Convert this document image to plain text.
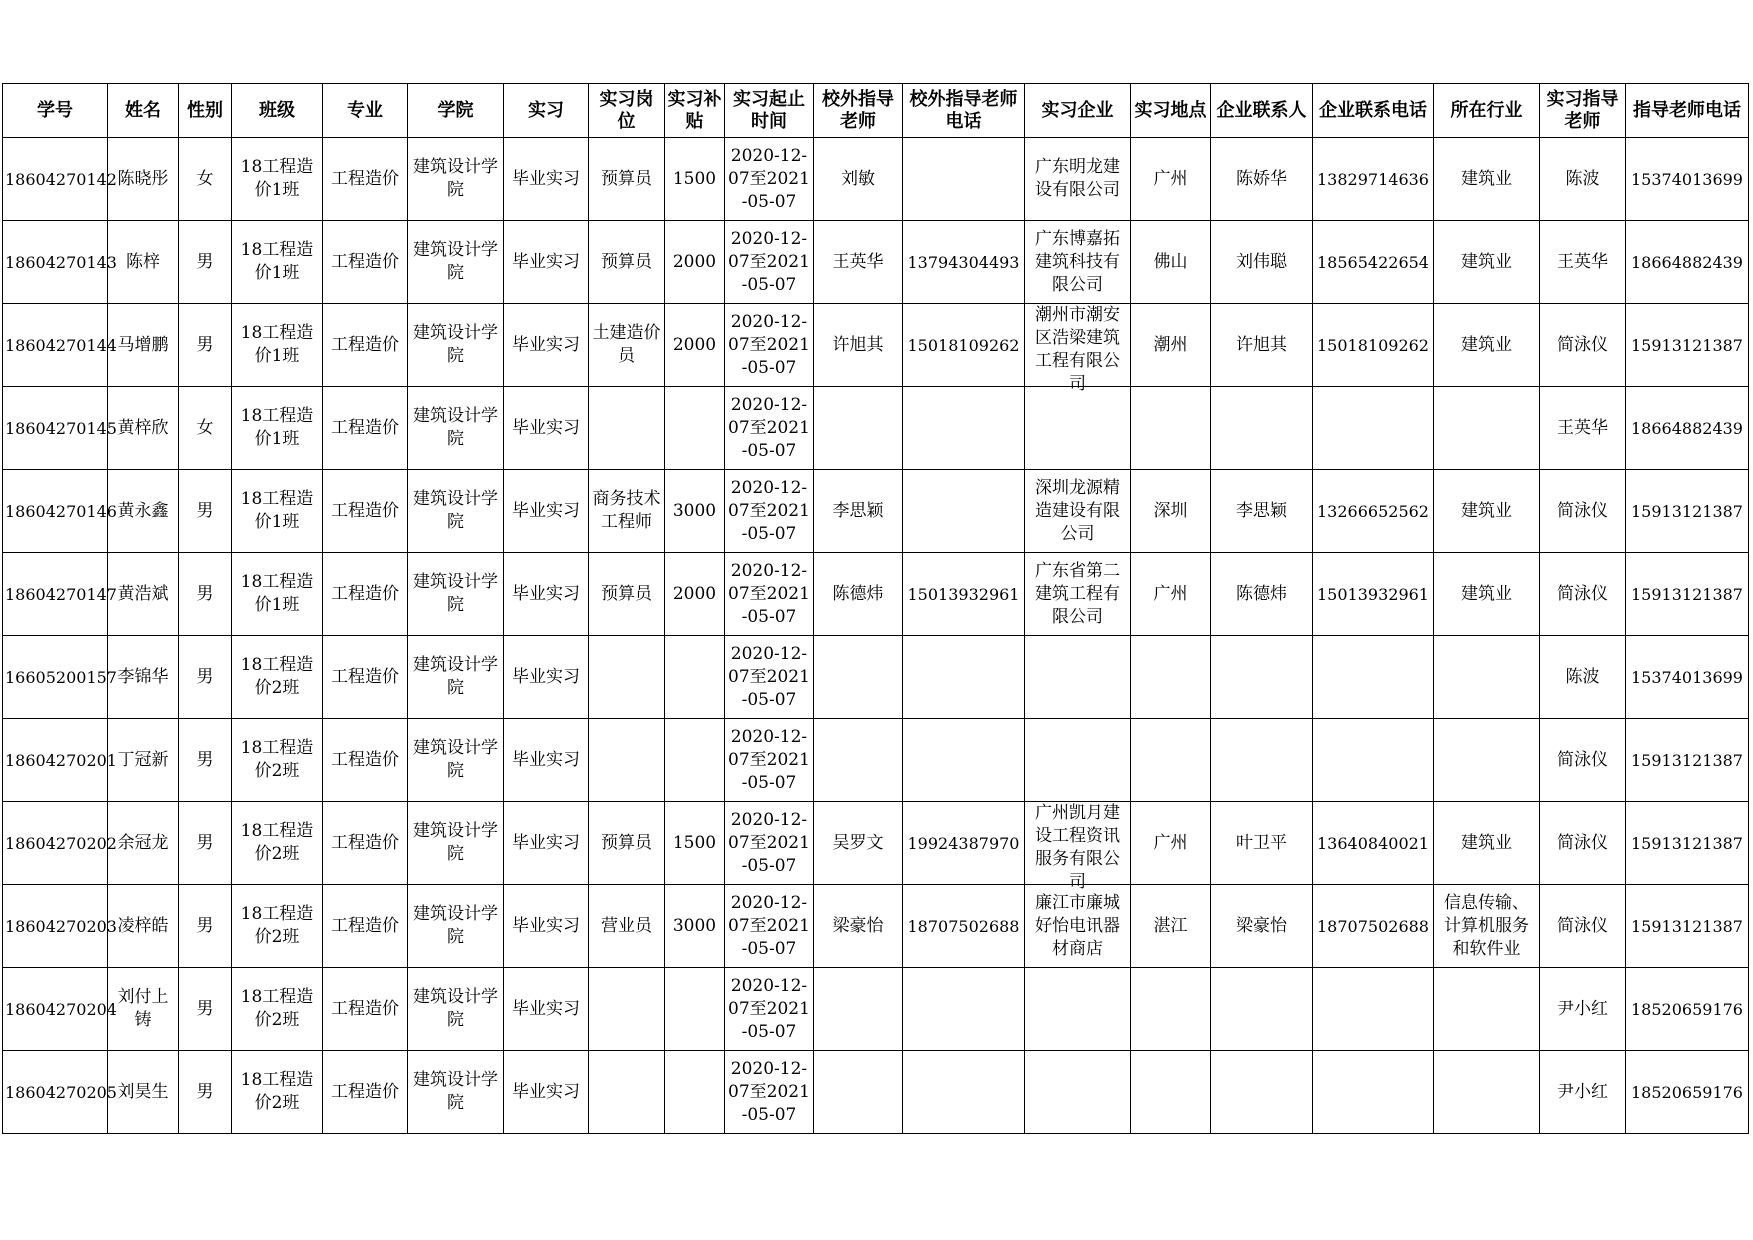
学号	姓名	性别	班级	专业	学院	实习	实习岗位	实习补贴	实习起止时间	校外指导老师	校外指导老师电话	实习企业	实习地点	企业联系人	企业联系电话	所在行业	实习指导老师	指导老师电话

18604270142	陈晓彤	女	18工程造价1班	工程造价	建筑设计学院	毕业实习	预算员	1500	2020-12-07至2021-05-07	刘敏		广东明龙建设有限公司	广州	陈娇华	13829714636	建筑业	陈波	15374013699

18604270143	陈梓	男	18工程造价1班	工程造价	建筑设计学院	毕业实习	预算员	2000	2020-12-07至2021-05-07	王英华	13794304493	广东博嘉拓建筑科技有限公司	佛山	刘伟聪	18565422654	建筑业	王英华	18664882439

18604270144	马增鹏	男	18工程造价1班	工程造价	建筑设计学院	毕业实习	土建造价员	2000	2020-12-07至2021-05-07	许旭其	15018109262	潮州市潮安区浩梁建筑工程有限公司	潮州	许旭其	15018109262	建筑业	简泳仪	15913121387

18604270145	黄梓欣	女	18工程造价1班	工程造价	建筑设计学院	毕业实习			2020-12-07至2021-05-07								王英华	18664882439

18604270146	黄永鑫	男	18工程造价1班	工程造价	建筑设计学院	毕业实习	商务技术工程师	3000	2020-12-07至2021-05-07	李思颖		深圳龙源精造建设有限公司	深圳	李思颖	13266652562	建筑业	简泳仪	15913121387

18604270147	黄浩斌	男	18工程造价1班	工程造价	建筑设计学院	毕业实习	预算员	2000	2020-12-07至2021-05-07	陈德炜	15013932961	广东省第二建筑工程有限公司	广州	陈德炜	15013932961	建筑业	简泳仪	15913121387

16605200157	李锦华	男	18工程造价2班	工程造价	建筑设计学院	毕业实习			2020-12-07至2021-05-07								陈波	15374013699

18604270201	丁冠新	男	18工程造价2班	工程造价	建筑设计学院	毕业实习			2020-12-07至2021-05-07								简泳仪	15913121387

18604270202	余冠龙	男	18工程造价2班	工程造价	建筑设计学院	毕业实习	预算员	1500	2020-12-07至2021-05-07	吴罗文	19924387970	广州凯月建设工程资讯服务有限公司	广州	叶卫平	13640840021	建筑业	简泳仪	15913121387

18604270203	凌梓皓	男	18工程造价2班	工程造价	建筑设计学院	毕业实习	营业员	3000	2020-12-07至2021-05-07	梁豪怡	18707502688	廉江市廉城好怡电讯器材商店	湛江	梁豪怡	18707502688	信息传输、计算机服务和软件业	简泳仪	15913121387

18604270204	刘付上铸	男	18工程造价2班	工程造价	建筑设计学院	毕业实习			2020-12-07至2021-05-07								尹小红	18520659176

18604270205	刘昊生	男	18工程造价2班	工程造价	建筑设计学院	毕业实习			2020-12-07至2021-05-07								尹小红	18520659176
